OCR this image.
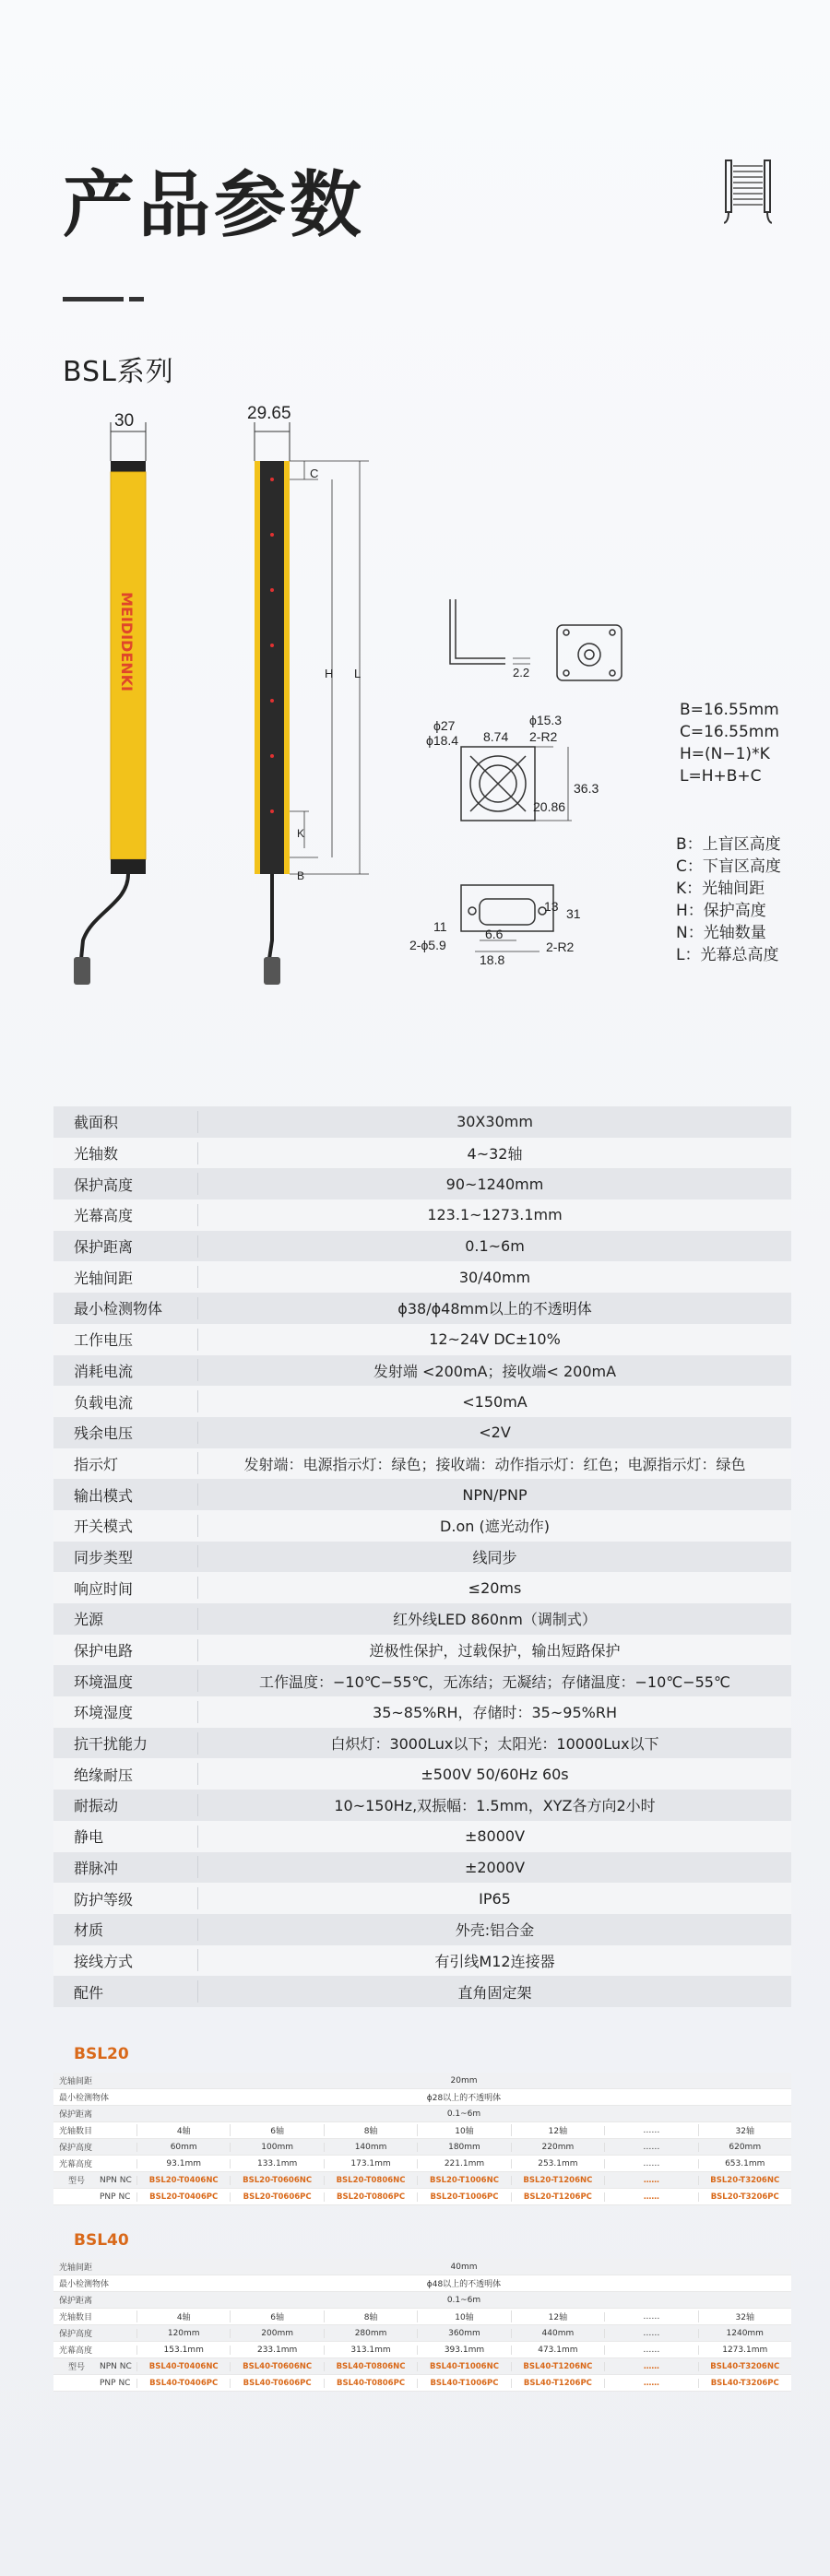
产品参数
BSL系列
30
MEIDIDENKI
29.65
C
H L
K
B
2.2
ϕ27
ϕ18.4 8.74
ϕ15.3
2-R2
20.86
36.3
13 31
11
2-ϕ5.9
6.6
18.8
2-R2
B=16.55mm
C=16.55mm
H=(N−1)*K
L=H+B+C
B：上盲区高度
C：下盲区高度
K：光轴间距
H：保护高度
N：光轴数量
L：光幕总高度
截面积	30X30mm
光轴数	4~32轴
保护高度	90~1240mm
光幕高度	123.1~1273.1mm
保护距离	0.1~6m
光轴间距	30/40mm
最小检测物体	ϕ38/ϕ48mm以上的不透明体
工作电压	12~24V DC±10%
消耗电流	发射端 <200mA；接收端< 200mA
负载电流	<150mA
残余电压	<2V
指示灯	发射端：电源指示灯：绿色；接收端：动作指示灯：红色；电源指示灯：绿色
输出模式	NPN/PNP
开关模式	D.on (遮光动作)
同步类型	线同步
响应时间	≤20ms
光源	红外线LED 860nm（调制式）
保护电路	逆极性保护，过载保护，输出短路保护
环境温度	工作温度：−10℃−55℃，无冻结；无凝结；存储温度：−10℃−55℃
环境湿度	35~85%RH，存储时：35~95%RH
抗干扰能力	白炽灯：3000Lux以下；太阳光：10000Lux以下
绝缘耐压	±500V 50/60Hz 60s
耐振动	10~150Hz,双振幅：1.5mm，XYZ各方向2小时
静电	±8000V
群脉冲	±2000V
防护等级	IP65
材质	外壳:铝合金
接线方式	有引线M12连接器
配件	直角固定架
BSL20
光轴间距	20mm
最小检测物体	ϕ28以上的不透明体
保护距离	0.1~6m
光轴数目	4轴	6轴	8轴	10轴	12轴	……	32轴
保护高度	60mm	100mm	140mm	180mm	220mm	……	620mm
光幕高度	93.1mm	133.1mm	173.1mm	221.1mm	253.1mm	……	653.1mm
型号	NPN NC	BSL20-T0406NC	BSL20-T0606NC	BSL20-T0806NC	BSL20-T1006NC	BSL20-T1206NC	……	BSL20-T3206NC
PNP NC	BSL20-T0406PC	BSL20-T0606PC	BSL20-T0806PC	BSL20-T1006PC	BSL20-T1206PC	……	BSL20-T3206PC
BSL40
光轴间距	40mm
最小检测物体	ϕ48以上的不透明体
保护距离	0.1~6m
光轴数目	4轴	6轴	8轴	10轴	12轴	……	32轴
保护高度	120mm	200mm	280mm	360mm	440mm	……	1240mm
光幕高度	153.1mm	233.1mm	313.1mm	393.1mm	473.1mm	……	1273.1mm
型号	NPN NC	BSL40-T0406NC	BSL40-T0606NC	BSL40-T0806NC	BSL40-T1006NC	BSL40-T1206NC	……	BSL40-T3206NC
PNP NC	BSL40-T0406PC	BSL40-T0606PC	BSL40-T0806PC	BSL40-T1006PC	BSL40-T1206PC	……	BSL40-T3206PC
